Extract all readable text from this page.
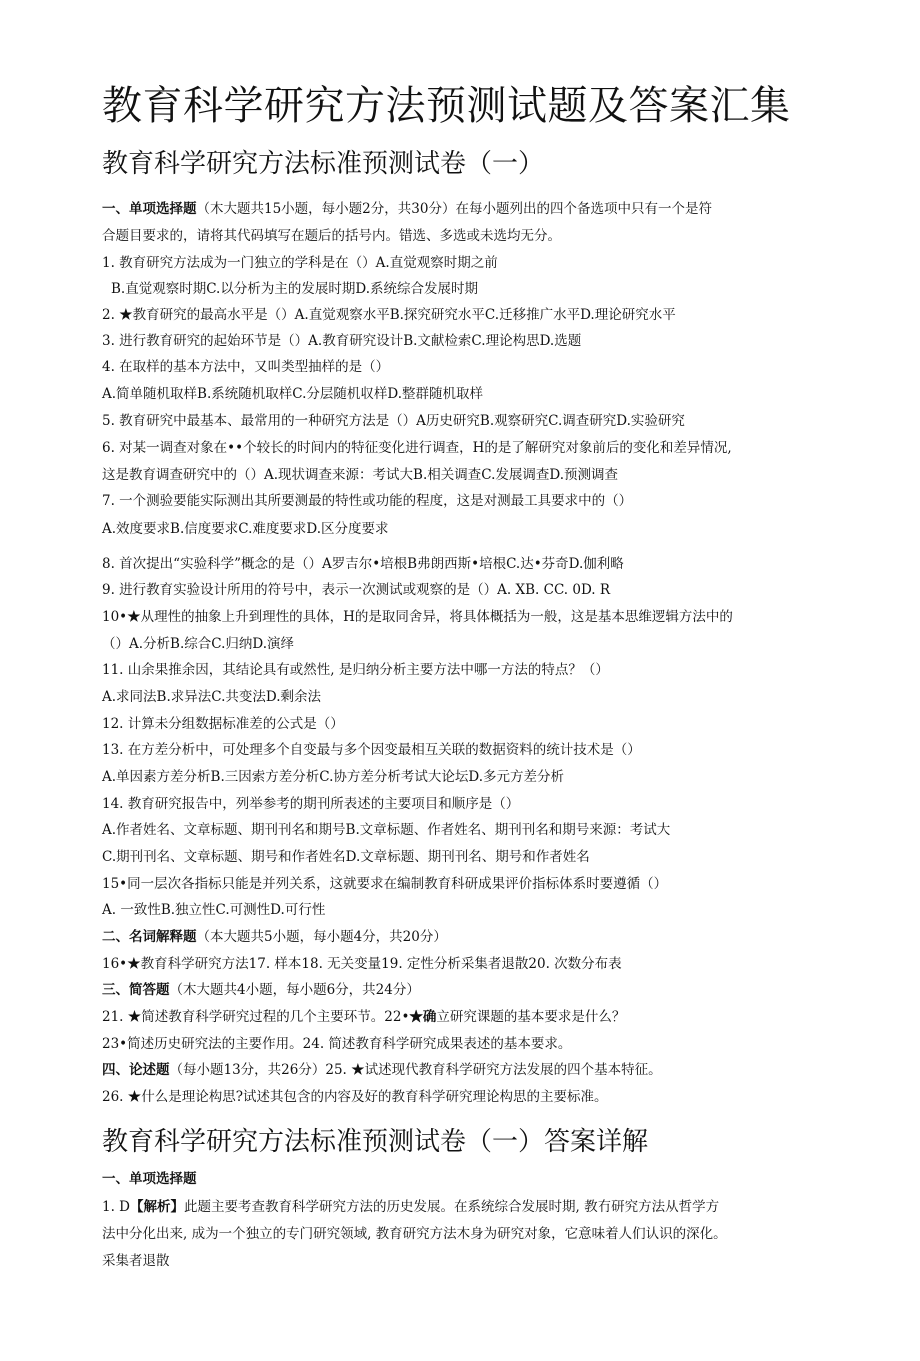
教育科学研究方法预测试题及答案汇集
教育科学研究方法标准预测试卷（一）
一、单项选择题（木大题共15小题，每小题2分，共30分）在每小题列出的四个备选项中只有一个是符
合题目要求的，请将其代码填写在题后的括号内。错选、多选或未选均无分。
1. 教育研究方法成为一门独立的学科是在（）A.直觉观察时期之前
B.直觉观察时期C.以分析为主的发展时期D.系统综合发展时期
2. ★教育研究的最高水平是（）A.直觉观察水平B.探究研究水平C.迁移推广水平D.理论研究水平
3. 进行教育研究的起始环节是（）A.教育研究设计B.文献检索C.理论构思D.选题
4. 在取样的基本方法中，又叫类型抽样的是（）
A.简单随机取样B.系统随机取样C.分层随机収样D.整群随机取样
5. 教育研究中最基本、最常用的一种研究方法是（）A历史研究B.观察研究C.调查研究D.实验研究
6. 对某一调查对象在••个较长的时间内的特征变化进行调查，H的是了解研究对象前后的变化和差异情况,
这是教育调查研究中的（）A.现状调查来源：考试大B.相关调查C.发展调查D.预测调查
7. 一个测验要能实际测出其所要测最的特性或功能的程度，这是对测最工具要求中的（）
A.效度要求B.信度要求C.难度要求D.区分度要求
8. 首次提出“实验科学”概念的是（）A罗吉尔•培根B弗朗西斯•培根C.达•芬奇D.伽利略
9. 进行教育实验设计所用的符号中，表示一次测试或观察的是（）A. XB. CC. 0D. R
10•★从理性的抽象上升到理性的具体，H的是取同舍异，将具体概括为一般，这是基本思维逻辑方法中的
（）A.分析B.综合C.归纳D.演绎
11. 山余果推余因，其结论具有或然性, 是归纳分析主要方法中哪一方法的特点？（）
A.求同法B.求异法C.共变法D.剩余法
12. 计算未分组数据标准差的公式是（）
13. 在方差分析中，可处理多个自变最与多个因变最相互关联的数据资料的统计技术是（）
A.单因素方差分析B.三因索方差分析C.协方差分析考试大论坛D.多元方差分析
14. 教育研究报告中，列举参考的期刊所表述的主要项目和顺序是（）
A.作者姓名、文章标题、期刊刊名和期号B.文章标题、作者姓名、期刊刊名和期号来源：考试大
C.期刊刊名、文章标题、期号和作者姓名D.文章标题、期刊刊名、期号和作者姓名
15•同一层次各指标只能是并列关系，这就要求在编制教育科研成果评价指标体系时要遵循（）
A. 一致性B.独立性C.可测性D.可行性
二、名词解释题（本大题共5小题，每小题4分，共20分）
16•★教育科学研究方法17. 样本18. 无关变量19. 定性分析采集者退散20. 次数分布表
三、简答题（木大题共4小题，每小题6分，共24分）
21. ★简述教育科学研究过程的几个主要环节。22•★确立研究课题的基本要求是什么？
23•简述历史研究法的主要作用。24. 简述教育科学研究成果表述的基本要求。
四、论述题（每小题13分，共26分）25. ★试述现代教育科学研究方法发展的四个基本特征。
26. ★什么是理论构思?试述其包含的内容及好的教育科学研究理论构思的主要标准。
教育科学研究方法标准预测试卷（一）答案详解
一、单项选择题
1. D【解析】此题主要考查教育科学研究方法的历史发展。在系统综合发展时期, 教冇研究方法从哲学方
法中分化出来, 成为一个独立的专门研究领域, 教育研究方法木身为研究对象，它意味着人们认识的深化。
采集者退散
